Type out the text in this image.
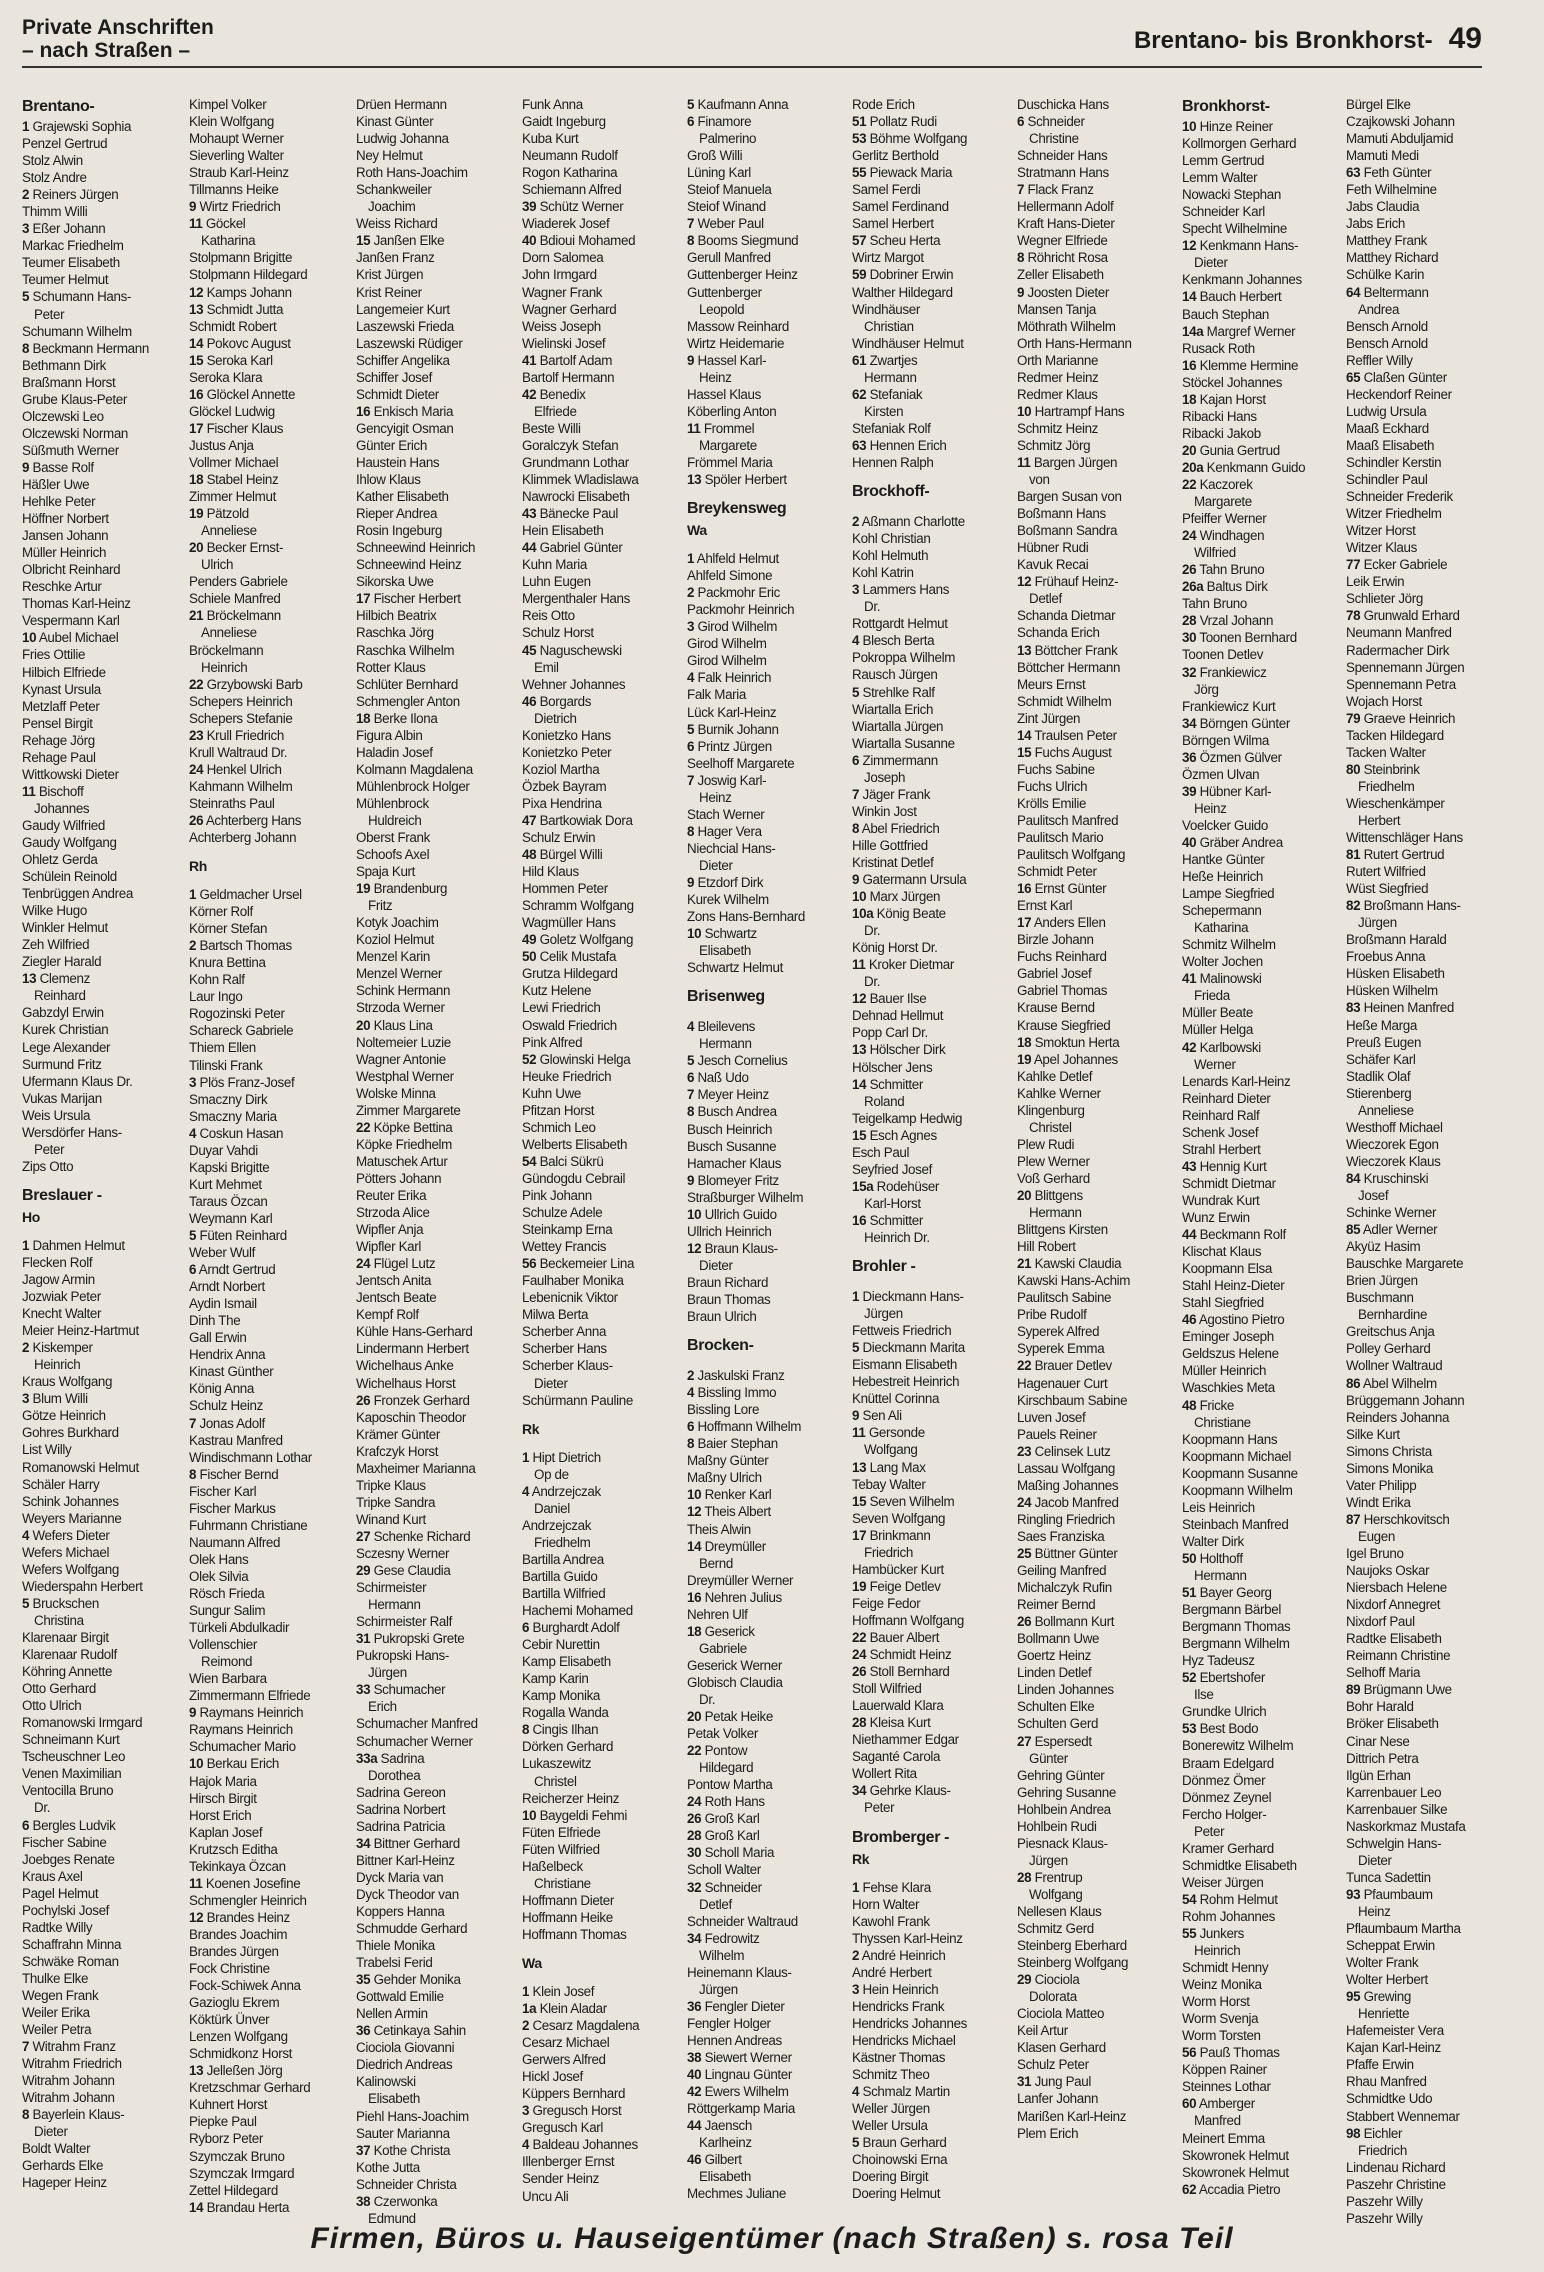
Private Anschriften
– nach Straßen –	Brentano- bis Bronkhorst- 49
Brentano-
1 Grajewski Sophia
Penzel Gertrud
Stolz Alwin
Stolz Andre
2 Reiners Jürgen
Thimm Willi
3 Eßer Johann
Markac Friedhelm
Teumer Elisabeth
Teumer Helmut
5 Schumann Hans-
Peter
Schumann Wilhelm
8 Beckmann Hermann
Bethmann Dirk
Braßmann Horst
Grube Klaus-Peter
Olczewski Leo
Olczewski Norman
Süßmuth Werner
9 Basse Rolf
Häßler Uwe
Hehlke Peter
Höffner Norbert
Jansen Johann
Müller Heinrich
Olbricht Reinhard
Reschke Artur
Thomas Karl-Heinz
Vespermann Karl
10 Aubel Michael
Fries Ottilie
Hilbich Elfriede
Kynast Ursula
Metzlaff Peter
Pensel Birgit
Rehage Jörg
Rehage Paul
Wittkowski Dieter
11 Bischoff
Johannes
Gaudy Wilfried
Gaudy Wolfgang
Ohletz Gerda
Schülein Reinold
Tenbrüggen Andrea
Wilke Hugo
Winkler Helmut
Zeh Wilfried
Ziegler Harald
13 Clemenz
Reinhard
Gabzdyl Erwin
Kurek Christian
Lege Alexander
Surmund Fritz
Ufermann Klaus Dr.
Vukas Marijan
Weis Ursula
Wersdörfer Hans-
Peter
Zips Otto
Breslauer -
Ho
1 Dahmen Helmut
Flecken Rolf
Jagow Armin
Jozwiak Peter
Knecht Walter
Meier Heinz-Hartmut
2 Kiskemper
Heinrich
Kraus Wolfgang
3 Blum Willi
Götze Heinrich
Gohres Burkhard
List Willy
Romanowski Helmut
Schäler Harry
Schink Johannes
Weyers Marianne
4 Wefers Dieter
Wefers Michael
Wefers Wolfgang
Wiederspahn Herbert
5 Bruckschen
Christina
Klarenaar Birgit
Klarenaar Rudolf
Köhring Annette
Otto Gerhard
Otto Ulrich
Romanowski Irmgard
Schneimann Kurt
Tscheuschner Leo
Venen Maximilian
Ventocilla Bruno
Dr.
6 Bergles Ludvik
Fischer Sabine
Joebges Renate
Kraus Axel
Pagel Helmut
Pochylski Josef
Radtke Willy
Schaffrahn Minna
Schwäke Roman
Thulke Elke
Wegen Frank
Weiler Erika
Weiler Petra
7 Witrahm Franz
Witrahm Friedrich
Witrahm Johann
Witrahm Johann
8 Bayerlein Klaus-
Dieter
Boldt Walter
Gerhards Elke
Hageper Heinz
Kimpel Volker
Klein Wolfgang
Mohaupt Werner
Sieverling Walter
Straub Karl-Heinz
Tillmanns Heike
9 Wirtz Friedrich
11 Göckel
Katharina
Stolpmann Brigitte
Stolpmann Hildegard
12 Kamps Johann
13 Schmidt Jutta
Schmidt Robert
14 Pokovc August
15 Seroka Karl
Seroka Klara
16 Glöckel Annette
Glöckel Ludwig
17 Fischer Klaus
Justus Anja
Vollmer Michael
18 Stabel Heinz
Zimmer Helmut
19 Pätzold
Anneliese
20 Becker Ernst-
Ulrich
Penders Gabriele
Schiele Manfred
21 Bröckelmann
Anneliese
Bröckelmann
Heinrich
22 Grzybowski Barb
Schepers Heinrich
Schepers Stefanie
23 Krull Friedrich
Krull Waltraud Dr.
24 Henkel Ulrich
Kahmann Wilhelm
Steinraths Paul
26 Achterberg Hans
Achterberg Johann
Rh
1 Geldmacher Ursel
Körner Rolf
Körner Stefan
2 Bartsch Thomas
Knura Bettina
Kohn Ralf
Laur Ingo
Rogozinski Peter
Schareck Gabriele
Thiem Ellen
Tilinski Frank
3 Plös Franz-Josef
Smaczny Dirk
Smaczny Maria
4 Coskun Hasan
Duyar Vahdi
Kapski Brigitte
Kurt Mehmet
Taraus Özcan
Weymann Karl
5 Füten Reinhard
Weber Wulf
6 Arndt Gertrud
Arndt Norbert
Aydin Ismail
Dinh The
Gall Erwin
Hendrix Anna
Kinast Günther
König Anna
Schulz Heinz
7 Jonas Adolf
Kastrau Manfred
Windischmann Lothar
8 Fischer Bernd
Fischer Karl
Fischer Markus
Fuhrmann Christiane
Naumann Alfred
Olek Hans
Olek Silvia
Rösch Frieda
Sungur Salim
Türkeli Abdulkadir
Vollenschier
Reimond
Wien Barbara
Zimmermann Elfriede
9 Raymans Heinrich
Raymans Heinrich
Schumacher Mario
10 Berkau Erich
Hajok Maria
Hirsch Birgit
Horst Erich
Kaplan Josef
Krutzsch Editha
Tekinkaya Özcan
11 Koenen Josefine
Schmengler Heinrich
12 Brandes Heinz
Brandes Joachim
Brandes Jürgen
Fock Christine
Fock-Schiwek Anna
Gazioglu Ekrem
Köktürk Ünver
Lenzen Wolfgang
Schmidkonz Horst
13 Jelleßen Jörg
Kretzschmar Gerhard
Kuhnert Horst
Piepke Paul
Ryborz Peter
Szymczak Bruno
Szymczak Irmgard
Zettel Hildegard
14 Brandau Herta
Drüen Hermann
Kinast Günter
Ludwig Johanna
Ney Helmut
Roth Hans-Joachim
Schankweiler
Joachim
Weiss Richard
15 Janßen Elke
Janßen Franz
Krist Jürgen
Krist Reiner
Langemeier Kurt
Laszewski Frieda
Laszewski Rüdiger
Schiffer Angelika
Schiffer Josef
Schmidt Dieter
16 Enkisch Maria
Gencyigit Osman
Günter Erich
Haustein Hans
Ihlow Klaus
Kather Elisabeth
Rieper Andrea
Rosin Ingeburg
Schneewind Heinrich
Schneewind Heinz
Sikorska Uwe
17 Fischer Herbert
Hilbich Beatrix
Raschka Jörg
Raschka Wilhelm
Rotter Klaus
Schlüter Bernhard
Schmengler Anton
18 Berke Ilona
Figura Albin
Haladin Josef
Kolmann Magdalena
Mühlenbrock Holger
Mühlenbrock
Huldreich
Oberst Frank
Schoofs Axel
Spaja Kurt
19 Brandenburg
Fritz
Kotyk Joachim
Koziol Helmut
Menzel Karin
Menzel Werner
Schink Hermann
Strzoda Werner
20 Klaus Lina
Noltemeier Luzie
Wagner Antonie
Westphal Werner
Wolske Minna
Zimmer Margarete
22 Köpke Bettina
Köpke Friedhelm
Matuschek Artur
Pötters Johann
Reuter Erika
Strzoda Alice
Wipfler Anja
Wipfler Karl
24 Flügel Lutz
Jentsch Anita
Jentsch Beate
Kempf Rolf
Kühle Hans-Gerhard
Lindermann Herbert
Wichelhaus Anke
Wichelhaus Horst
26 Fronzek Gerhard
Kaposchin Theodor
Krämer Günter
Krafczyk Horst
Maxheimer Marianna
Tripke Klaus
Tripke Sandra
Winand Kurt
27 Schenke Richard
Sczesny Werner
29 Gese Claudia
Schirmeister
Hermann
Schirmeister Ralf
31 Pukropski Grete
Pukropski Hans-
Jürgen
33 Schumacher
Erich
Schumacher Manfred
Schumacher Werner
33a Sadrina
Dorothea
Sadrina Gereon
Sadrina Norbert
Sadrina Patricia
34 Bittner Gerhard
Bittner Karl-Heinz
Dyck Maria van
Dyck Theodor van
Koppers Hanna
Schmudde Gerhard
Thiele Monika
Trabelsi Ferid
35 Gehder Monika
Gottwald Emilie
Nellen Armin
36 Cetinkaya Sahin
Ciociola Giovanni
Diedrich Andreas
Kalinowski
Elisabeth
Piehl Hans-Joachim
Sauter Marianna
37 Kothe Christa
Kothe Jutta
Schneider Christa
38 Czerwonka
Edmund
Funk Anna
Gaidt Ingeburg
Kuba Kurt
Neumann Rudolf
Rogon Katharina
Schiemann Alfred
39 Schütz Werner
Wiaderek Josef
40 Bdioui Mohamed
Dorn Salomea
John Irmgard
Wagner Frank
Wagner Gerhard
Weiss Joseph
Wielinski Josef
41 Bartolf Adam
Bartolf Hermann
42 Benedix
Elfriede
Beste Willi
Goralczyk Stefan
Grundmann Lothar
Klimmek Wladislawa
Nawrocki Elisabeth
43 Bänecke Paul
Hein Elisabeth
44 Gabriel Günter
Kuhn Maria
Luhn Eugen
Mergenthaler Hans
Reis Otto
Schulz Horst
45 Naguschewski
Emil
Wehner Johannes
46 Borgards
Dietrich
Konietzko Hans
Konietzko Peter
Koziol Martha
Özbek Bayram
Pixa Hendrina
47 Bartkowiak Dora
Schulz Erwin
48 Bürgel Willi
Hild Klaus
Hommen Peter
Schramm Wolfgang
Wagmüller Hans
49 Goletz Wolfgang
50 Celik Mustafa
Grutza Hildegard
Kutz Helene
Lewi Friedrich
Oswald Friedrich
Pink Alfred
52 Glowinski Helga
Heuke Friedrich
Kuhn Uwe
Pfitzan Horst
Schmich Leo
Welberts Elisabeth
54 Balci Sükrü
Gündogdu Cebrail
Pink Johann
Schulze Adele
Steinkamp Erna
Wettey Francis
56 Beckemeier Lina
Faulhaber Monika
Lebenicnik Viktor
Milwa Berta
Scherber Anna
Scherber Hans
Scherber Klaus-
Dieter
Schürmann Pauline
Rk
1 Hipt Dietrich
Op de
4 Andrzejczak
Daniel
Andrzejczak
Friedhelm
Bartilla Andrea
Bartilla Guido
Bartilla Wilfried
Hachemi Mohamed
6 Burghardt Adolf
Cebir Nurettin
Kamp Elisabeth
Kamp Karin
Kamp Monika
Rogalla Wanda
8 Cingis Ilhan
Dörken Gerhard
Lukaszewitz
Christel
Reicherzer Heinz
10 Baygeldi Fehmi
Füten Elfriede
Füten Wilfried
Haßelbeck
Christiane
Hoffmann Dieter
Hoffmann Heike
Hoffmann Thomas
Wa
1 Klein Josef
1a Klein Aladar
2 Cesarz Magdalena
Cesarz Michael
Gerwers Alfred
Hickl Josef
Küppers Bernhard
3 Gregusch Horst
Gregusch Karl
4 Baldeau Johannes
Illenberger Ernst
Sender Heinz
Uncu Ali
5 Kaufmann Anna
6 Finamore
Palmerino
Groß Willi
Lüning Karl
Steiof Manuela
Steiof Winand
7 Weber Paul
8 Booms Siegmund
Gerull Manfred
Guttenberger Heinz
Guttenberger
Leopold
Massow Reinhard
Wirtz Heidemarie
9 Hassel Karl-
Heinz
Hassel Klaus
Köberling Anton
11 Frommel
Margarete
Frömmel Maria
13 Spöler Herbert
Breykensweg
Wa
1 Ahlfeld Helmut
Ahlfeld Simone
2 Packmohr Eric
Packmohr Heinrich
3 Girod Wilhelm
Girod Wilhelm
Girod Wilhelm
4 Falk Heinrich
Falk Maria
Lück Karl-Heinz
5 Burnik Johann
6 Printz Jürgen
Seelhoff Margarete
7 Joswig Karl-
Heinz
Stach Werner
8 Hager Vera
Niechcial Hans-
Dieter
9 Etzdorf Dirk
Kurek Wilhelm
Zons Hans-Bernhard
10 Schwartz
Elisabeth
Schwartz Helmut
Brisenweg
4 Bleilevens
Hermann
5 Jesch Cornelius
6 Naß Udo
7 Meyer Heinz
8 Busch Andrea
Busch Heinrich
Busch Susanne
Hamacher Klaus
9 Blomeyer Fritz
Straßburger Wilhelm
10 Ullrich Guido
Ullrich Heinrich
12 Braun Klaus-
Dieter
Braun Richard
Braun Thomas
Braun Ulrich
Brocken-
2 Jaskulski Franz
4 Bissling Immo
Bissling Lore
6 Hoffmann Wilhelm
8 Baier Stephan
Maßny Günter
Maßny Ulrich
10 Renker Karl
12 Theis Albert
Theis Alwin
14 Dreymüller
Bernd
Dreymüller Werner
16 Nehren Julius
Nehren Ulf
18 Geserick
Gabriele
Geserick Werner
Globisch Claudia
Dr.
20 Petak Heike
Petak Volker
22 Pontow
Hildegard
Pontow Martha
24 Roth Hans
26 Groß Karl
28 Groß Karl
30 Scholl Maria
Scholl Walter
32 Schneider
Detlef
Schneider Waltraud
34 Fedrowitz
Wilhelm
Heinemann Klaus-
Jürgen
36 Fengler Dieter
Fengler Holger
Hennen Andreas
38 Siewert Werner
40 Lingnau Günter
42 Ewers Wilhelm
Röttgerkamp Maria
44 Jaensch
Karlheinz
46 Gilbert
Elisabeth
Mechmes Juliane
Rode Erich
51 Pollatz Rudi
53 Böhme Wolfgang
Gerlitz Berthold
55 Piewack Maria
Samel Ferdi
Samel Ferdinand
Samel Herbert
57 Scheu Herta
Wirtz Margot
59 Dobriner Erwin
Walther Hildegard
Windhäuser
Christian
Windhäuser Helmut
61 Zwartjes
Hermann
62 Stefaniak
Kirsten
Stefaniak Rolf
63 Hennen Erich
Hennen Ralph
Brockhoff-
2 Aßmann Charlotte
Kohl Christian
Kohl Helmuth
Kohl Katrin
3 Lammers Hans
Dr.
Rottgardt Helmut
4 Blesch Berta
Pokroppa Wilhelm
Rausch Jürgen
5 Strehlke Ralf
Wiartalla Erich
Wiartalla Jürgen
Wiartalla Susanne
6 Zimmermann
Joseph
7 Jäger Frank
Winkin Jost
8 Abel Friedrich
Hille Gottfried
Kristinat Detlef
9 Gatermann Ursula
10 Marx Jürgen
10a König Beate
Dr.
König Horst Dr.
11 Kroker Dietmar
Dr.
12 Bauer Ilse
Dehnad Hellmut
Popp Carl Dr.
13 Hölscher Dirk
Hölscher Jens
14 Schmitter
Roland
Teigelkamp Hedwig
15 Esch Agnes
Esch Paul
Seyfried Josef
15a Rodehüser
Karl-Horst
16 Schmitter
Heinrich Dr.
Brohler -
1 Dieckmann Hans-
Jürgen
Fettweis Friedrich
5 Dieckmann Marita
Eismann Elisabeth
Hebestreit Heinrich
Knüttel Corinna
9 Sen Ali
11 Gersonde
Wolfgang
13 Lang Max
Tebay Walter
15 Seven Wilhelm
Seven Wolfgang
17 Brinkmann
Friedrich
Hambücker Kurt
19 Feige Detlev
Feige Fedor
Hoffmann Wolfgang
22 Bauer Albert
24 Schmidt Heinz
26 Stoll Bernhard
Stoll Wilfried
Lauerwald Klara
28 Kleisa Kurt
Niethammer Edgar
Saganté Carola
Wollert Rita
34 Gehrke Klaus-
Peter
Bromberger -
Rk
1 Fehse Klara
Horn Walter
Kawohl Frank
Thyssen Karl-Heinz
2 André Heinrich
André Herbert
3 Hein Heinrich
Hendricks Frank
Hendricks Johannes
Hendricks Michael
Kästner Thomas
Schmitz Theo
4 Schmalz Martin
Weller Jürgen
Weller Ursula
5 Braun Gerhard
Choinowski Erna
Doering Birgit
Doering Helmut
Duschicka Hans
6 Schneider
Christine
Schneider Hans
Stratmann Hans
7 Flack Franz
Hellermann Adolf
Kraft Hans-Dieter
Wegner Elfriede
8 Röhricht Rosa
Zeller Elisabeth
9 Joosten Dieter
Mansen Tanja
Möthrath Wilhelm
Orth Hans-Hermann
Orth Marianne
Redmer Heinz
Redmer Klaus
10 Hartrampf Hans
Schmitz Heinz
Schmitz Jörg
11 Bargen Jürgen
von
Bargen Susan von
Boßmann Hans
Boßmann Sandra
Hübner Rudi
Kavuk Recai
12 Frühauf Heinz-
Detlef
Schanda Dietmar
Schanda Erich
13 Böttcher Frank
Böttcher Hermann
Meurs Ernst
Schmidt Wilhelm
Zint Jürgen
14 Traulsen Peter
15 Fuchs August
Fuchs Sabine
Fuchs Ulrich
Krölls Emilie
Paulitsch Manfred
Paulitsch Mario
Paulitsch Wolfgang
Schmidt Peter
16 Ernst Günter
Ernst Karl
17 Anders Ellen
Birzle Johann
Fuchs Reinhard
Gabriel Josef
Gabriel Thomas
Krause Bernd
Krause Siegfried
18 Smoktun Herta
19 Apel Johannes
Kahlke Detlef
Kahlke Werner
Klingenburg
Christel
Plew Rudi
Plew Werner
Voß Gerhard
20 Blittgens
Hermann
Blittgens Kirsten
Hill Robert
21 Kawski Claudia
Kawski Hans-Achim
Paulitsch Sabine
Pribe Rudolf
Syperek Alfred
Syperek Emma
22 Brauer Detlev
Hagenauer Curt
Kirschbaum Sabine
Luven Josef
Pauels Reiner
23 Celinsek Lutz
Lassau Wolfgang
Maßing Johannes
24 Jacob Manfred
Ringling Friedrich
Saes Franziska
25 Büttner Günter
Geiling Manfred
Michalczyk Rufin
Reimer Bernd
26 Bollmann Kurt
Bollmann Uwe
Goertz Heinz
Linden Detlef
Linden Johannes
Schulten Elke
Schulten Gerd
27 Espersedt
Günter
Gehring Günter
Gehring Susanne
Hohlbein Andrea
Hohlbein Rudi
Piesnack Klaus-
Jürgen
28 Frentrup
Wolfgang
Nellesen Klaus
Schmitz Gerd
Steinberg Eberhard
Steinberg Wolfgang
29 Ciociola
Dolorata
Ciociola Matteo
Keil Artur
Klasen Gerhard
Schulz Peter
31 Jung Paul
Lanfer Johann
Marißen Karl-Heinz
Plem Erich
Bronkhorst-
10 Hinze Reiner
Kollmorgen Gerhard
Lemm Gertrud
Lemm Walter
Nowacki Stephan
Schneider Karl
Specht Wilhelmine
12 Kenkmann Hans-
Dieter
Kenkmann Johannes
14 Bauch Herbert
Bauch Stephan
14a Margref Werner
Rusack Roth
16 Klemme Hermine
Stöckel Johannes
18 Kajan Horst
Ribacki Hans
Ribacki Jakob
20 Gunia Gertrud
20a Kenkmann Guido
22 Kaczorek
Margarete
Pfeiffer Werner
24 Windhagen
Wilfried
26 Tahn Bruno
26a Baltus Dirk
Tahn Bruno
28 Vrzal Johann
30 Toonen Bernhard
Toonen Detlev
32 Frankiewicz
Jörg
Frankiewicz Kurt
34 Börngen Günter
Börngen Wilma
36 Özmen Gülver
Özmen Ulvan
39 Hübner Karl-
Heinz
Voelcker Guido
40 Gräber Andrea
Hantke Günter
Heße Heinrich
Lampe Siegfried
Schepermann
Katharina
Schmitz Wilhelm
Wolter Jochen
41 Malinowski
Frieda
Müller Beate
Müller Helga
42 Karlbowski
Werner
Lenards Karl-Heinz
Reinhard Dieter
Reinhard Ralf
Schenk Josef
Strahl Herbert
43 Hennig Kurt
Schmidt Dietmar
Wundrak Kurt
Wunz Erwin
44 Beckmann Rolf
Klischat Klaus
Koopmann Elsa
Stahl Heinz-Dieter
Stahl Siegfried
46 Agostino Pietro
Eminger Joseph
Geldszus Helene
Müller Heinrich
Waschkies Meta
48 Fricke
Christiane
Koopmann Hans
Koopmann Michael
Koopmann Susanne
Koopmann Wilhelm
Leis Heinrich
Steinbach Manfred
Walter Dirk
50 Holthoff
Hermann
51 Bayer Georg
Bergmann Bärbel
Bergmann Thomas
Bergmann Wilhelm
Hyz Tadeusz
52 Ebertshofer
Ilse
Grundke Ulrich
53 Best Bodo
Bonerewitz Wilhelm
Braam Edelgard
Dönmez Ömer
Dönmez Zeynel
Fercho Holger-
Peter
Kramer Gerhard
Schmidtke Elisabeth
Weiser Jürgen
54 Rohm Helmut
Rohm Johannes
55 Junkers
Heinrich
Schmidt Henny
Weinz Monika
Worm Horst
Worm Svenja
Worm Torsten
56 Pauß Thomas
Köppen Rainer
Steinnes Lothar
60 Amberger
Manfred
Meinert Emma
Skowronek Helmut
Skowronek Helmut
62 Accadia Pietro
Bürgel Elke
Czajkowski Johann
Mamuti Abduljamid
Mamuti Medi
63 Feth Günter
Feth Wilhelmine
Jabs Claudia
Jabs Erich
Matthey Frank
Matthey Richard
Schülke Karin
64 Beltermann
Andrea
Bensch Arnold
Bensch Arnold
Reffler Willy
65 Claßen Günter
Heckendorf Reiner
Ludwig Ursula
Maaß Eckhard
Maaß Elisabeth
Schindler Kerstin
Schindler Paul
Schneider Frederik
Witzer Friedhelm
Witzer Horst
Witzer Klaus
77 Ecker Gabriele
Leik Erwin
Schlieter Jörg
78 Grunwald Erhard
Neumann Manfred
Radermacher Dirk
Spennemann Jürgen
Spennemann Petra
Wojach Horst
79 Graeve Heinrich
Tacken Hildegard
Tacken Walter
80 Steinbrink
Friedhelm
Wieschenkämper
Herbert
Wittenschläger Hans
81 Rutert Gertrud
Rutert Wilfried
Wüst Siegfried
82 Broßmann Hans-
Jürgen
Broßmann Harald
Froebus Anna
Hüsken Elisabeth
Hüsken Wilhelm
83 Heinen Manfred
Heße Marga
Preuß Eugen
Schäfer Karl
Stadlik Olaf
Stierenberg
Anneliese
Westhoff Michael
Wieczorek Egon
Wieczorek Klaus
84 Kruschinski
Josef
Schinke Werner
85 Adler Werner
Akyüz Hasim
Bauschke Margarete
Brien Jürgen
Buschmann
Bernhardine
Greitschus Anja
Polley Gerhard
Wollner Waltraud
86 Abel Wilhelm
Brüggemann Johann
Reinders Johanna
Silke Kurt
Simons Christa
Simons Monika
Vater Philipp
Windt Erika
87 Herschkovitsch
Eugen
Igel Bruno
Naujoks Oskar
Niersbach Helene
Nixdorf Annegret
Nixdorf Paul
Radtke Elisabeth
Reimann Christine
Selhoff Maria
89 Brügmann Uwe
Bohr Harald
Bröker Elisabeth
Cinar Nese
Dittrich Petra
Ilgün Erhan
Karrenbauer Leo
Karrenbauer Silke
Naskorkmaz Mustafa
Schwelgin Hans-
Dieter
Tunca Sadettin
93 Pfaumbaum
Heinz
Pflaumbaum Martha
Scheppat Erwin
Wolter Frank
Wolter Herbert
95 Grewing
Henriette
Hafemeister Vera
Kajan Karl-Heinz
Pfaffe Erwin
Rhau Manfred
Schmidtke Udo
Stabbert Wennemar
98 Eichler
Friedrich
Lindenau Richard
Paszehr Christine
Paszehr Willy
Paszehr Willy
Firmen, Büros u. Hauseigentümer (nach Straßen) s. rosa Teil
